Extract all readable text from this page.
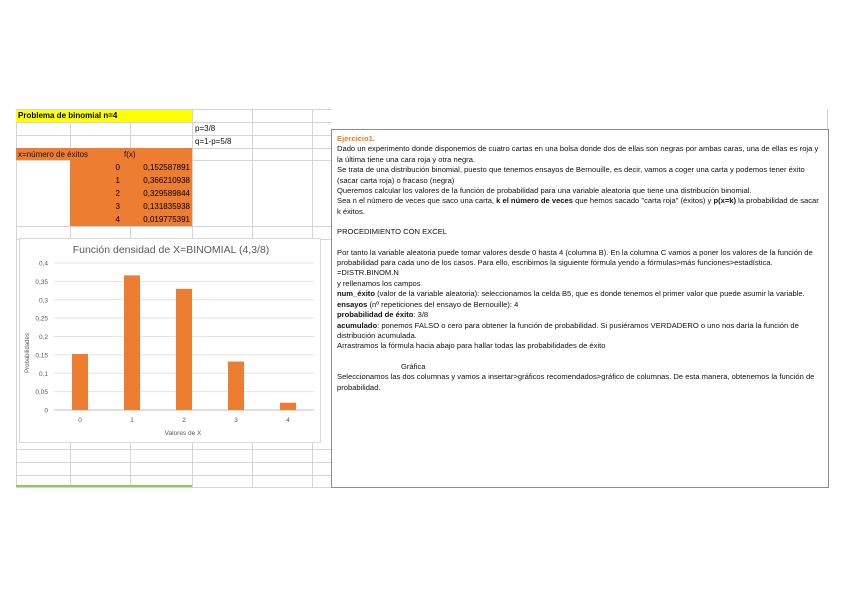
Problema de binomial n=4
p=3/8
q=1-p=5/8
x=número de éxitos	f(x)
0	0,152587891
1	0,366210938
2	0,329589844
3	0,131835938
4	0,019775391
Función densidad de X=BINOMIAL (4,3/8)
Valores de X
Probabilidades
0
0,05
0,1
0,15
0,2
0,25
0,3
0,35
0,4
0	1	2	3	4

Ejercicio1.

Dado un experimento donde disponemos de cuatro cartas en una bolsa donde dos de ellas son negras por ambas caras, una de ellas es roja y la última tiene una cara roja y otra negra.

Se trata de una distribución binomial, puesto que tenemos ensayos de Bernouille, es decir, vamos a coger una carta y podemos tener éxito (sacar carta roja) o fracaso (negra)

Queremos calcular los valores de la función de probabilidad para una variable aleatoria que tiene una distribución binomial.

Sea n el número de veces que saco una carta, k el número de veces que hemos sacado "carta roja" (éxitos) y p(x=k) la probabilidad de sacar k éxitos.

PROCEDIMIENTO CON EXCEL

Por tanto la variable aleatoria puede tomar valores desde 0 hasta 4 (columna B). En la columna C vamos a poner los valores de la función de probabilidad para cada uno de los casos. Para ello, escribimos la siguiente fórmula yendo a fórmulas>más funciones>estadística.

=DISTR.BINOM.N

y rellenamos los campos

num_éxito (valor de la variable aleatoria): seleccionamos la celda B5, que es donde tenemos el primer valor que puede asumir la variable.

ensayos (nº repeticiones del ensayo de Bernouille): 4

probabilidad de éxito: 3/8

acumulado: ponemos FALSO o cero para obtener la función de probabilidad. Si pusiéramos VERDADERO o uno nos daría la función de distribución acumulada.

Arrastramos la fórmula hacia abajo para hallar todas las probabilidades de éxito

Gráfica

Seleccionamos las dos columnas y vamos a insertar>gráficos recomendados>gráfico de columnas. De esta manera, obtenemos la función de probabilidad.
